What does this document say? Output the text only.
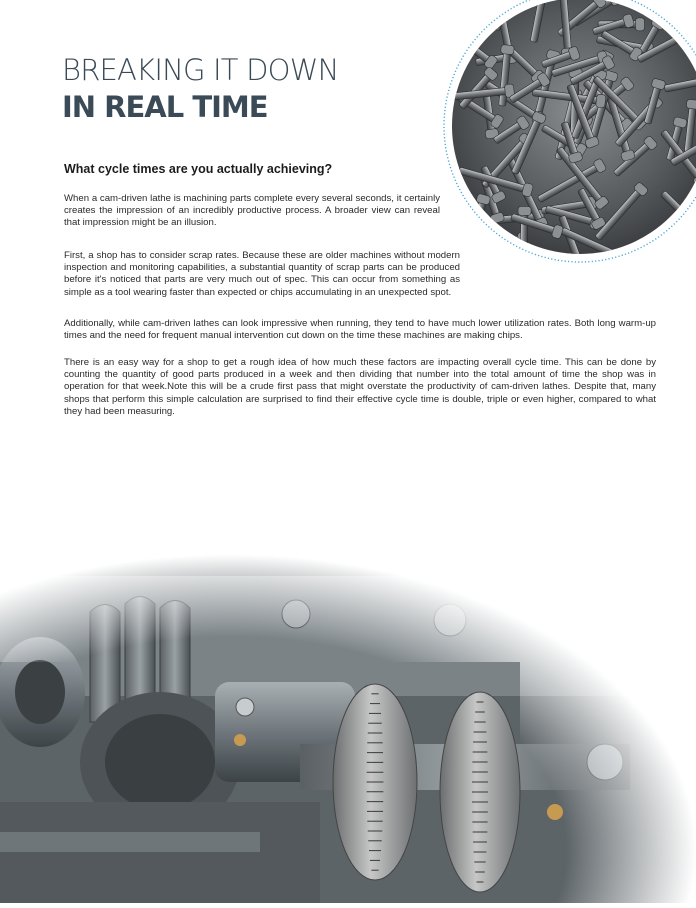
BREAKING IT DOWN
IN REAL TIME
What cycle times are you actually achieving?

When a cam-driven lathe is machining parts complete every several seconds, it certainly creates the impression of an incredibly productive process. A broader view can reveal that impression might be an illusion.

First, a shop has to consider scrap rates. Because these are older machines without modern inspection and monitoring capabilities, a substantial quantity of scrap parts can be produced before it's noticed that parts are very much out of spec. This can occur from something as simple as a tool wearing faster than expected or chips accumulating in an unexpected spot.

Additionally, while cam-driven lathes can look impressive when running, they tend to have much lower utilization rates. Both long warm-up times and the need for frequent manual intervention cut down on the time these machines are making chips.

There is an easy way for a shop to get a rough idea of how much these factors are impacting overall cycle time. This can be done by counting the quantity of good parts produced in a week and then dividing that number into the total amount of time the shop was in operation for that week.Note this will be a crude first pass that might overstate the productivity of cam-driven lathes. Despite that, many shops that perform this simple calculation are surprised to find their effective cycle time is double, triple or even higher, compared to what they had been measuring.
